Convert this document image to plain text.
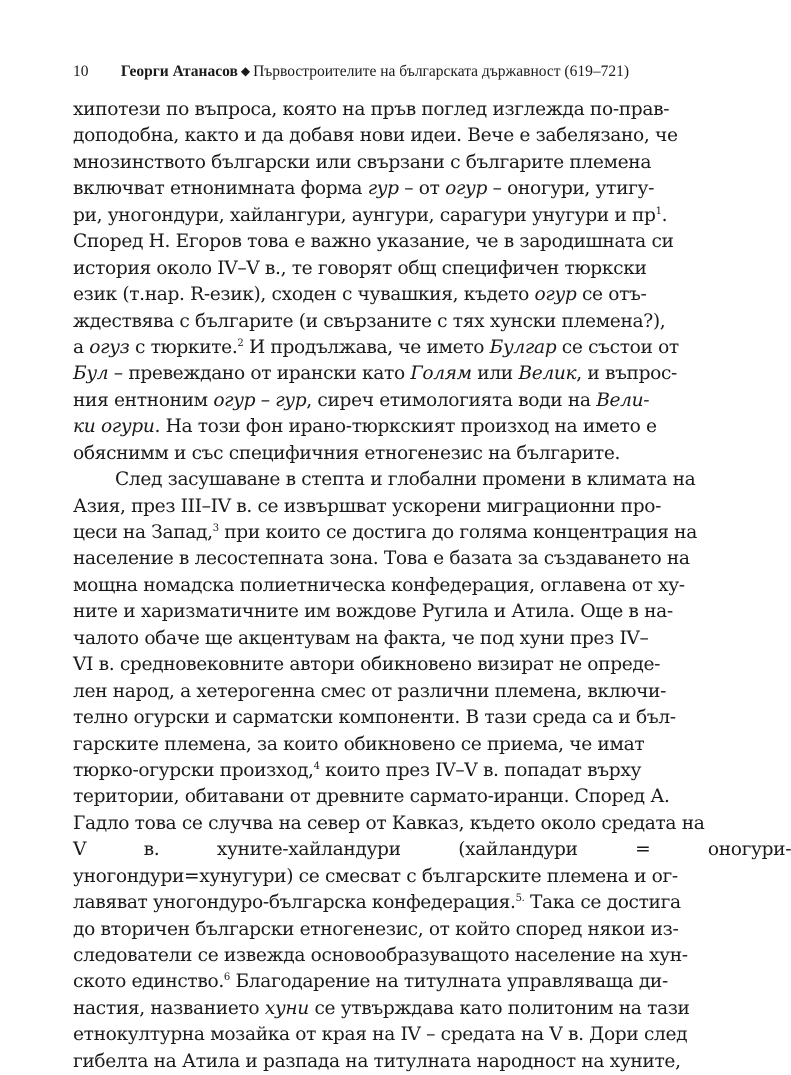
10 Георги Атанасов ◆ Първостроителите на българската държавност (619–721)
хипотези по въпроса, която на пръв поглед изглежда по-прав-
доподобна, както и да добавя нови идеи. Вече е забелязано, че
мнозинството български или свързани с българите племена
включват етнонимната форма гур – от огур – оногури, утигу-
ри, уногондури, хайлангури, аунгури, сарагури унугури и $пр^1$.
Според Н. Егоров това е важно указание, че в зародишната си
история около IV–V в., те говорят общ специфичен тюркски
език (т.нар. R-език), сходен с чувашкия, където огур се отъ-
ждествява с българите (и свързаните с тях хунски племена?),
а огуз с тюрките.$^2$ И продължава, че името Булгар се състои от
Бул – превеждано от ирански като Голям или Велик, и въпрос-
ния ентноним огур – гур, сиреч етимологията води на Вели-
ки огури. На този фон ирано-тюркският произход на името е
обяснимм и със специфичния етногенезис на българите.
След засушаване в степта и глобални промени в климата на
Азия, през III–IV в. се извършват ускорени миграционни про-
цеси на Запад,$^3$ при които се достига до голяма концентрация на
население в лесостепната зона. Това е базата за създаването на
мощна номадска полиетническа конфедерация, оглавена от ху-
ните и харизматичните им вождове Ругила и Атила. Още в на-
чалото обаче ще акцентувам на факта, че под хуни през IV–
VI в. средновековните автори обикновено визират не опреде-
лен народ, а хетерогенна смес от различни племена, включи-
телно огурски и сарматски компоненти. В тази среда са и бъл-
гарските племена, за които обикновено се приема, че имат
тюрко-огурски произход,$^4$ които през IV–V в. попадат върху
територии, обитавани от древните сармато-иранци. Според А.
Гадло това се случва на север от Кавказ, където около средата на
V в. хуните-хайландури (хайландури = оногури-
уногондури=хунугури) се смесват с българските племена и ог-
лавяват уногондуро-българска конфедерация.$^{5.}$ Така се достига
до вторичен български етногенезис, от който според някои из-
следователи се извежда основообразуващото население на хун-
ското единство.$^6$ Благодарение на титулната управляваща ди-
настия, названието хуни се утвърждава като политоним на тази
етнокултурна мозайка от края на IV – средата на V в. Дори след
гибелта на Атила и разпада на титулната народност на хуните,
